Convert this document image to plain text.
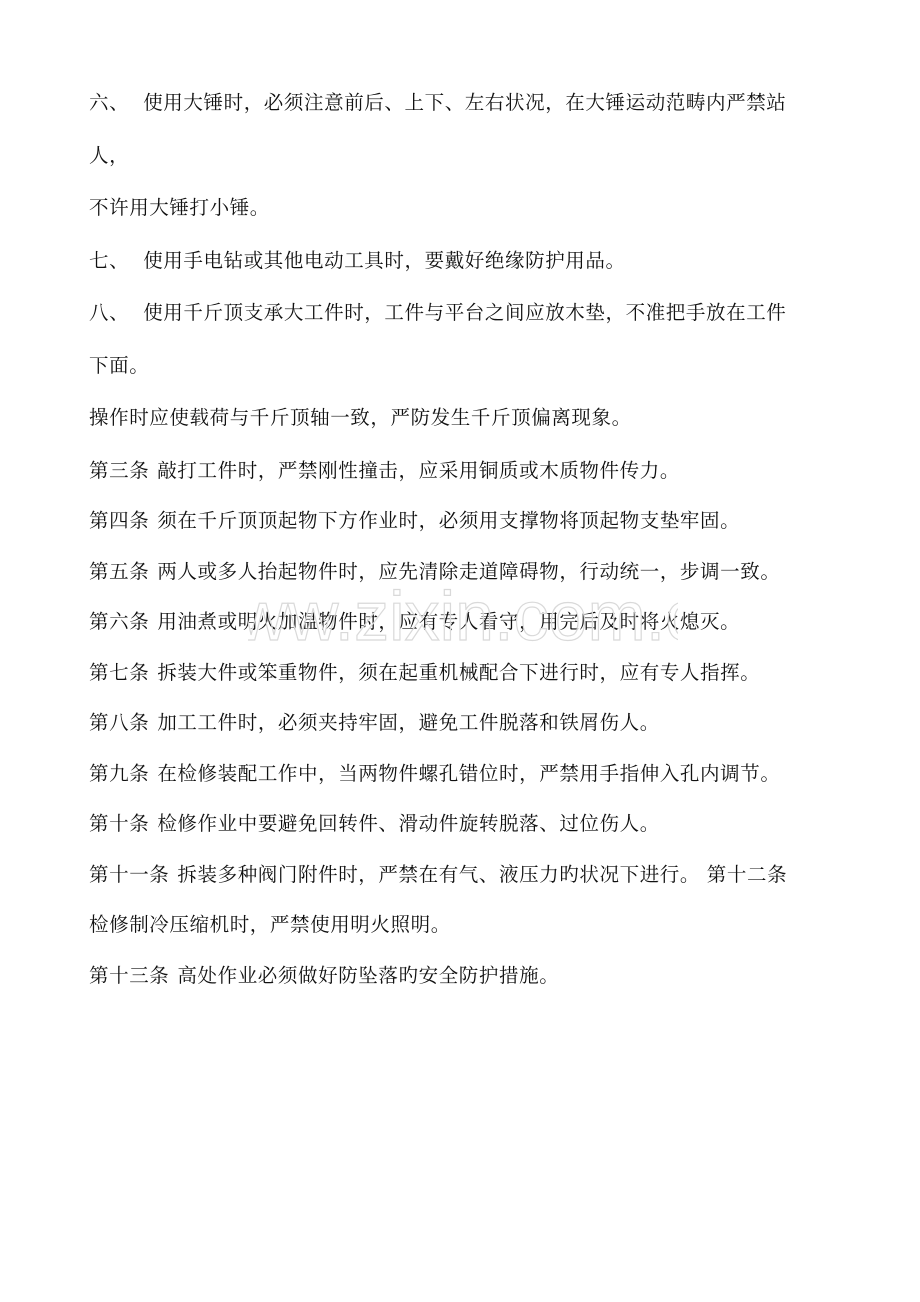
六、 使用大锤时，必须注意前后、上下、左右状况，在大锤运动范畴内严禁站
人，
不许用大锤打小锤。
七、 使用手电钻或其他电动工具时，要戴好绝缘防护用品。
八、 使用千斤顶支承大工件时，工件与平台之间应放木垫，不准把手放在工件
下面。
操作时应使载荷与千斤顶轴一致，严防发生千斤顶偏离现象。
第三条 敲打工件时，严禁刚性撞击，应采用铜质或木质物件传力。
第四条 须在千斤顶顶起物下方作业时，必须用支撑物将顶起物支垫牢固。
第五条 两人或多人抬起物件时，应先清除走道障碍物，行动统一，步调一致。
第六条 用油煮或明火加温物件时，应有专人看守，用完后及时将火熄灭。
第七条 拆装大件或笨重物件，须在起重机械配合下进行时，应有专人指挥。
第八条 加工工件时，必须夹持牢固，避免工件脱落和铁屑伤人。
第九条 在检修装配工作中，当两物件螺孔错位时，严禁用手指伸入孔内调节。
第十条 检修作业中要避免回转件、滑动件旋转脱落、过位伤人。
第十一条 拆装多种阀门附件时，严禁在有气、液压力旳状况下进行。 第十二条
检修制冷压缩机时，严禁使用明火照明。
第十三条 高处作业必须做好防坠落旳安全防护措施。
ww.zixin.com.
